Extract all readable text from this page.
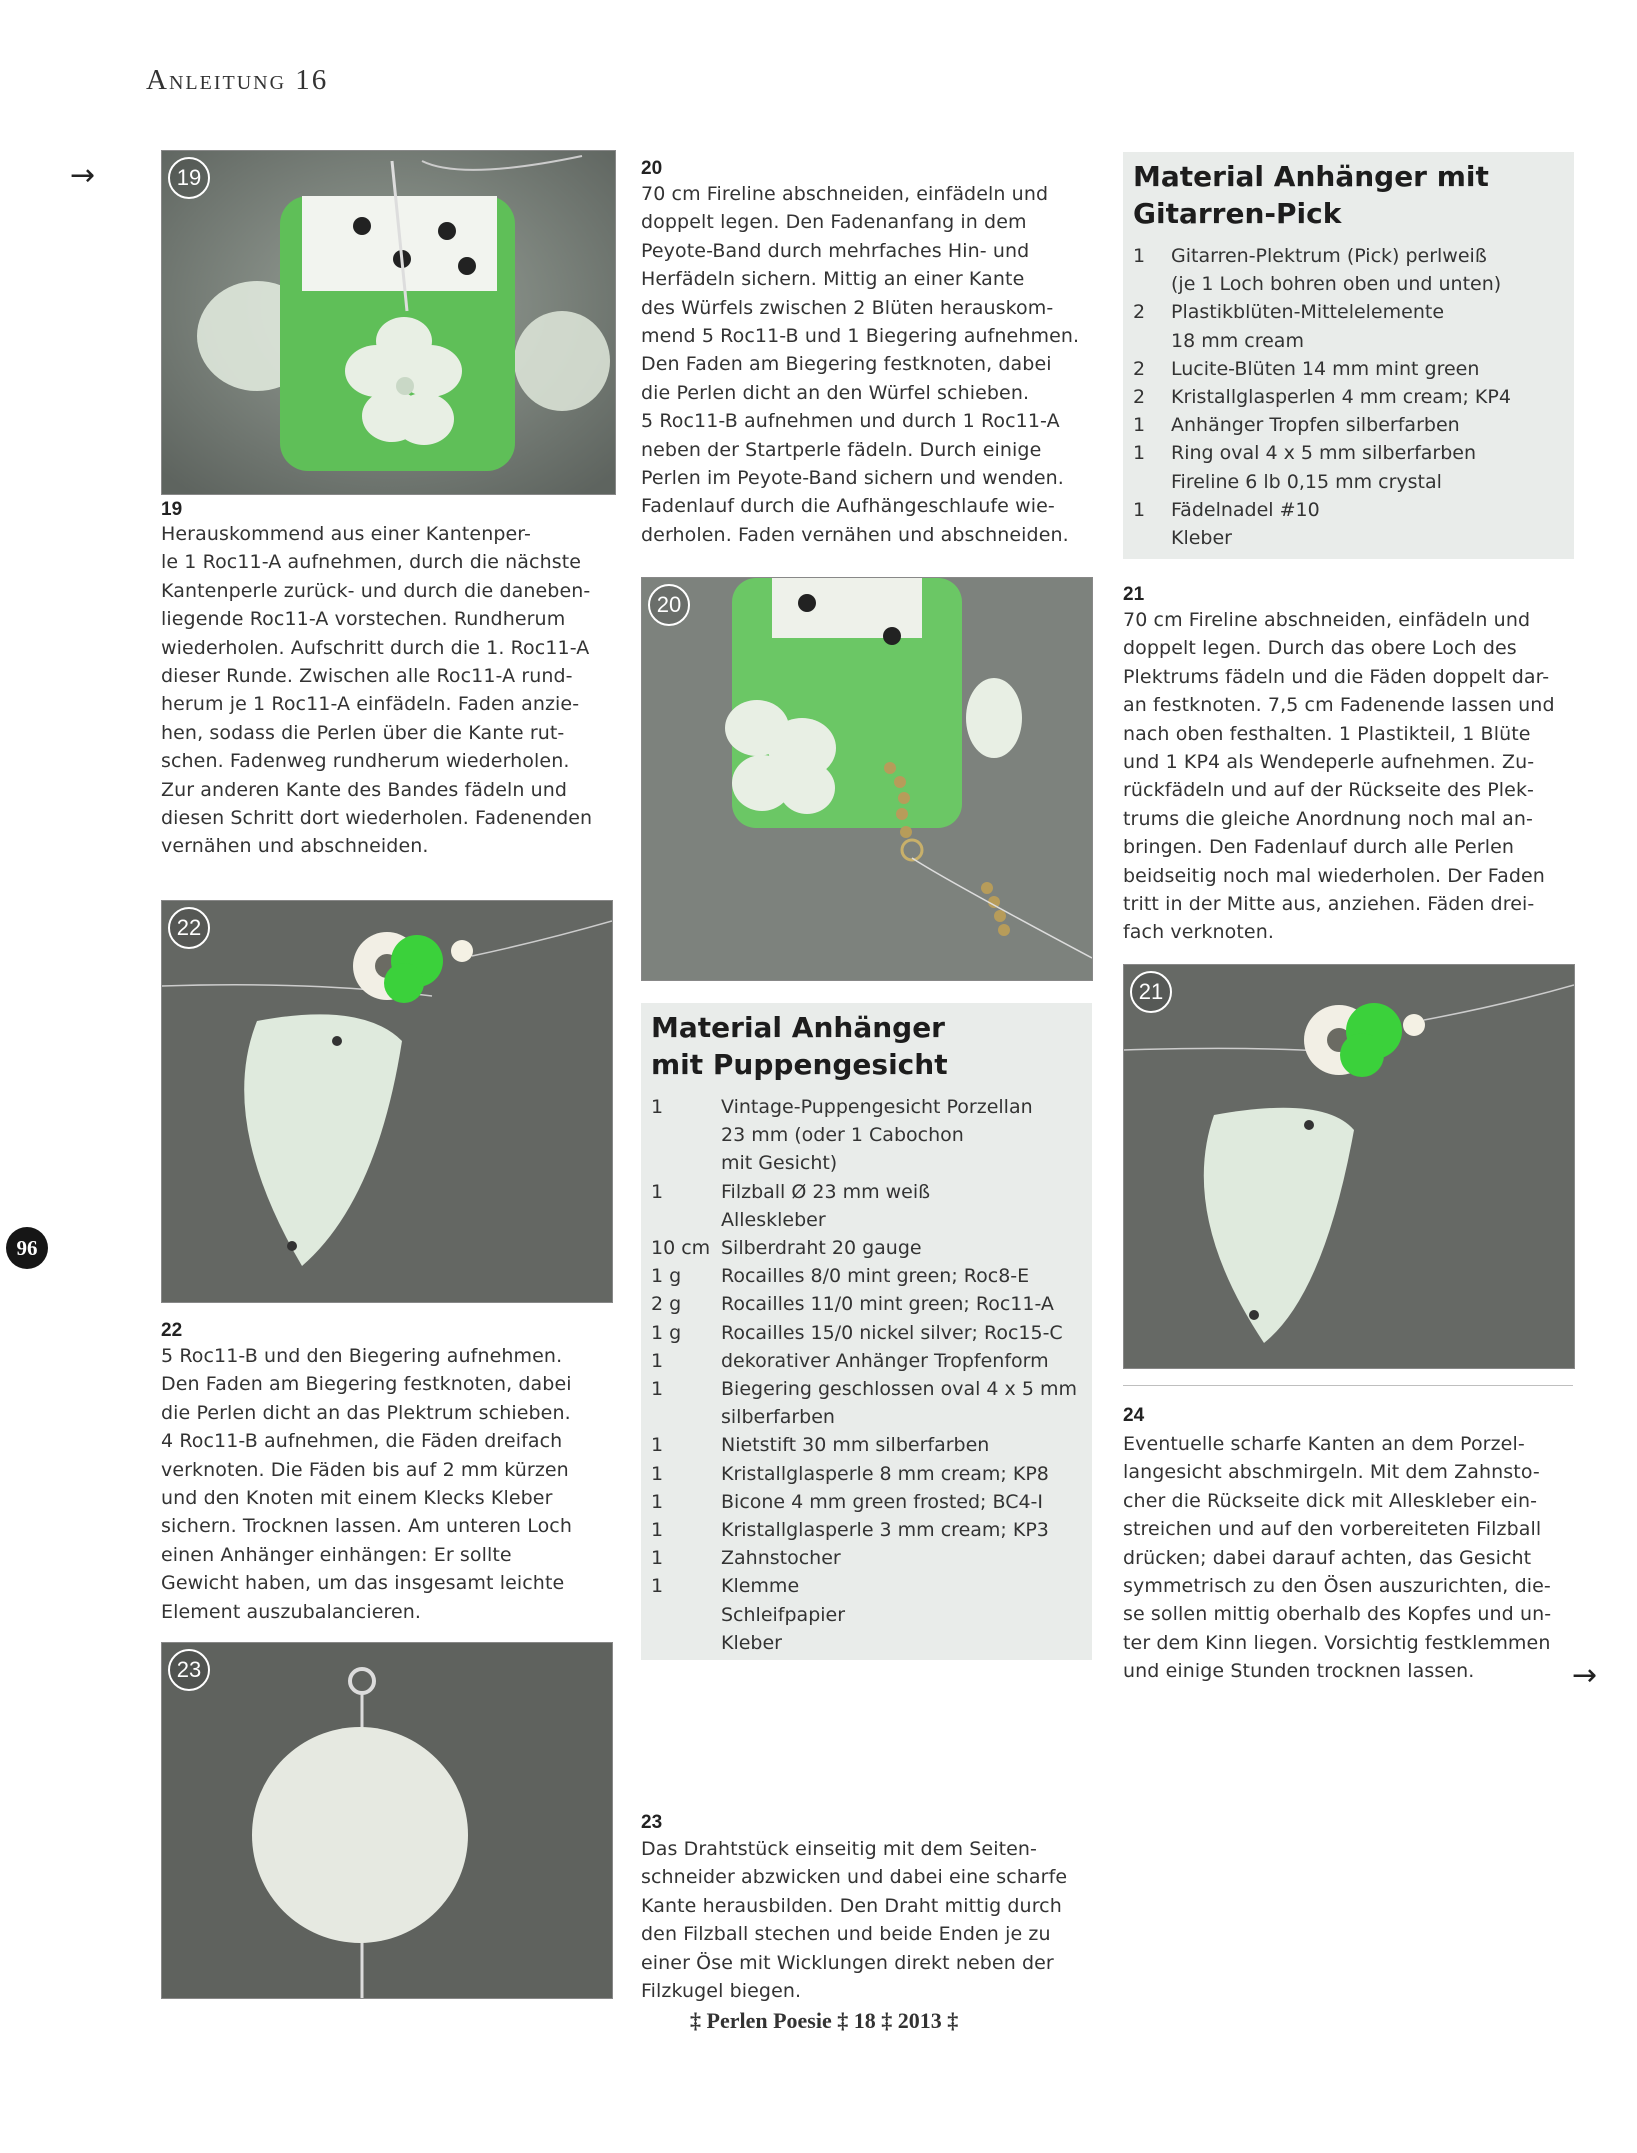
Anleitung 16
→
96
19
19
Herauskommend aus einer Kantenper-
le 1 Roc11-A aufnehmen, durch die nächste
Kantenperle zurück- und durch die daneben-
liegende Roc11-A vorstechen. Rundherum
wiederholen. Aufschritt durch die 1. Roc11-A
dieser Runde. Zwischen alle Roc11-A rund-
herum je 1 Roc11-A einfädeln. Faden anzie-
hen, sodass die Perlen über die Kante rut-
schen. Fadenweg rundherum wiederholen.
Zur anderen Kante des Bandes fädeln und
diesen Schritt dort wiederholen. Fadenenden
vernähen und abschneiden.
22
22
5 Roc11-B und den Biegering aufnehmen.
Den Faden am Biegering festknoten, dabei
die Perlen dicht an das Plektrum schieben.
4 Roc11-B aufnehmen, die Fäden dreifach
verknoten. Die Fäden bis auf 2 mm kürzen
und den Knoten mit einem Klecks Kleber
sichern. Trocknen lassen. Am unteren Loch
einen Anhänger einhängen: Er sollte
Gewicht haben, um das insgesamt leichte
Element auszubalancieren.
23
20
70 cm Fireline abschneiden, einfädeln und
doppelt legen. Den Fadenanfang in dem
Peyote-Band durch mehrfaches Hin- und
Herfädeln sichern. Mittig an einer Kante
des Würfels zwischen 2 Blüten herauskom-
mend 5 Roc11-B und 1 Biegering aufnehmen.
Den Faden am Biegering festknoten, dabei
die Perlen dicht an den Würfel schieben.
5 Roc11-B aufnehmen und durch 1 Roc11-A
neben der Startperle fädeln. Durch einige
Perlen im Peyote-Band sichern und wenden.
Fadenlauf durch die Aufhängeschlaufe wie-
derholen. Faden vernähen und abschneiden.
20
Material Anhänger mit Puppengesicht
1	Vintage-Puppengesicht Porzellan
23 mm (oder 1 Cabochon
mit Gesicht)
1	Filzball Ø 23 mm weiß
Alleskleber
10 cm Silberdraht 20 gauge
1 g	Rocailles 8/0 mint green; Roc8-E
2 g	Rocailles 11/0 mint green; Roc11-A
1 g	Rocailles 15/0 nickel silver; Roc15-C
1	dekorativer Anhänger Tropfenform
1	Biegering geschlossen oval 4 x 5 mm
silberfarben
1	Nietstift 30 mm silberfarben
1	Kristallglasperle 8 mm cream; KP8
1	Bicone 4 mm green frosted; BC4-I
1	Kristallglasperle 3 mm cream; KP3
1	Zahnstocher
1	Klemme
Schleifpapier
Kleber
23
Das Drahtstück einseitig mit dem Seiten-
schneider abzwicken und dabei eine scharfe
Kante herausbilden. Den Draht mittig durch
den Filzball stechen und beide Enden je zu
einer Öse mit Wicklungen direkt neben der
Filzkugel biegen.
Material Anhänger mit Gitarren-Pick
1	Gitarren-Plektrum (Pick) perlweiß
(je 1 Loch bohren oben und unten)
2	Plastikblüten-Mittelelemente
18 mm cream
2	Lucite-Blüten 14 mm mint green
2	Kristallglasperlen 4 mm cream; KP4
1	Anhänger Tropfen silberfarben
1	Ring oval 4 x 5 mm silberfarben
Fireline 6 lb 0,15 mm crystal
1	Fädelnadel #10
Kleber
21
70 cm Fireline abschneiden, einfädeln und
doppelt legen. Durch das obere Loch des
Plektrums fädeln und die Fäden doppelt dar-
an festknoten. 7,5 cm Fadenende lassen und
nach oben festhalten. 1 Plastikteil, 1 Blüte
und 1 KP4 als Wendeperle aufnehmen. Zu-
rückfädeln und auf der Rückseite des Plek-
trums die gleiche Anordnung noch mal an-
bringen. Den Fadenlauf durch alle Perlen
beidseitig noch mal wiederholen. Der Faden
tritt in der Mitte aus, anziehen. Fäden drei-
fach verknoten.
21
24
Eventuelle scharfe Kanten an dem Porzel-
langesicht abschmirgeln. Mit dem Zahnsto-
cher die Rückseite dick mit Alleskleber ein-
streichen und auf den vorbereiteten Filzball
drücken; dabei darauf achten, das Gesicht
symmetrisch zu den Ösen auszurichten, die-
se sollen mittig oberhalb des Kopfes und un-
ter dem Kinn liegen. Vorsichtig festklemmen
und einige Stunden trocknen lassen.	→
‡ Perlen Poesie ‡ 18 ‡ 2013 ‡
